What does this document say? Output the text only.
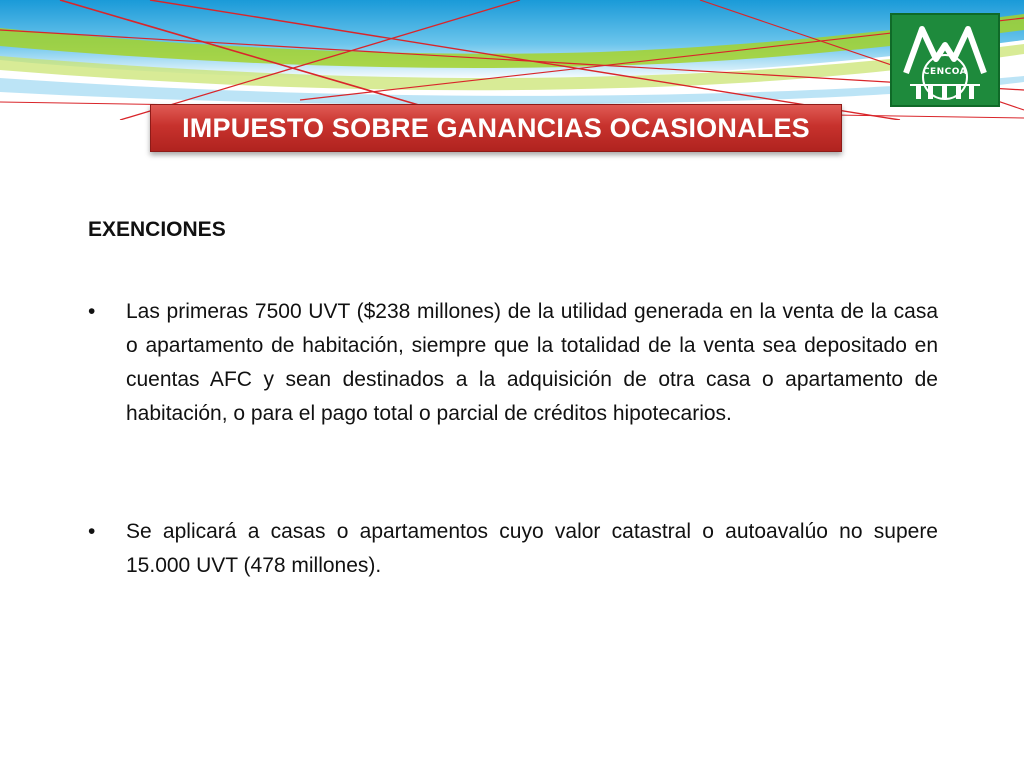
CENCOA
IMPUESTO SOBRE GANANCIAS OCASIONALES
EXENCIONES
•	Las primeras 7500 UVT ($238 millones) de la utilidad generada en la venta de la casa o apartamento de habitación, siempre que la totalidad de la venta sea depositado en cuentas AFC y sean destinados a la adquisición de otra casa o apartamento de habitación, o para el pago total o parcial de créditos hipotecarios.
•	Se aplicará a casas o apartamentos cuyo valor catastral o autoavalúo no supere 15.000 UVT (478 millones).
